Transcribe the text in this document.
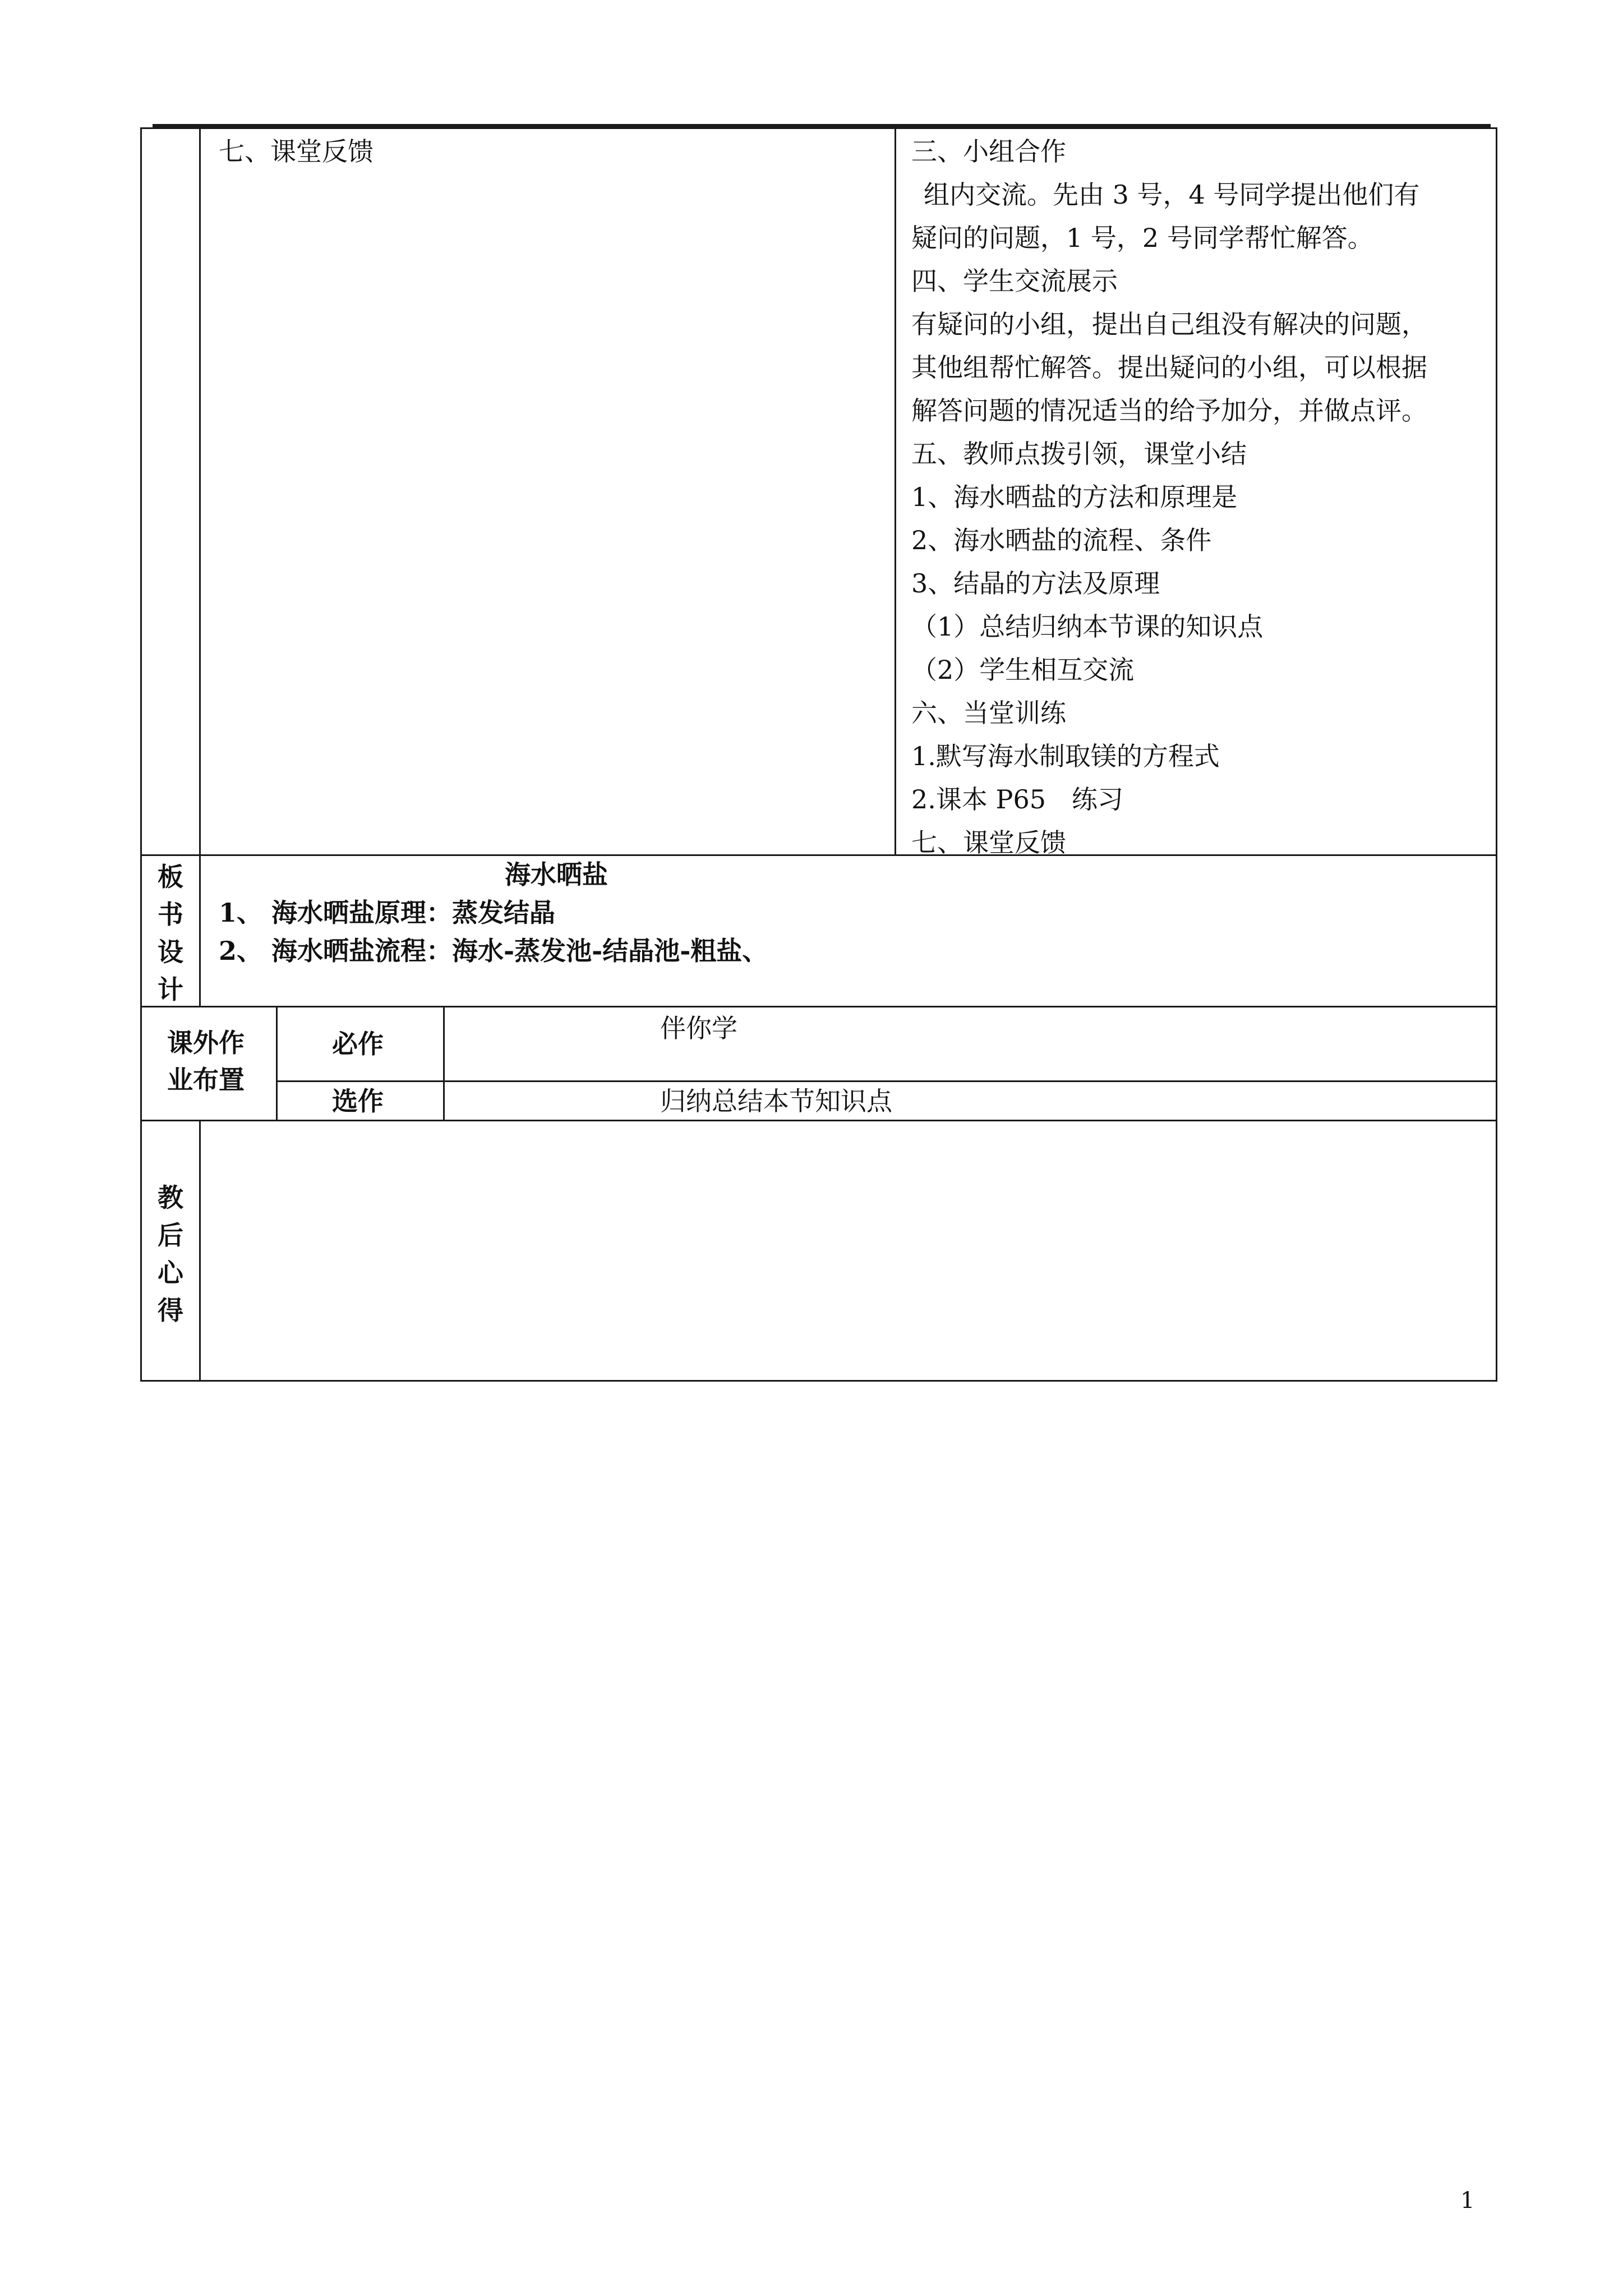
七、课堂反馈	三、小组合作
组内交流。先由 3 号，4 号同学提出他们有
疑问的问题，1 号，2 号同学帮忙解答。
四、学生交流展示
有疑问的小组，提出自己组没有解决的问题，
其他组帮忙解答。提出疑问的小组，可以根据
解答问题的情况适当的给予加分，并做点评。
五、教师点拨引领，课堂小结
1、海水晒盐的方法和原理是
2、海水晒盐的流程、条件
3、结晶的方法及原理
（1）总结归纳本节课的知识点
（2）学生相互交流
六、当堂训练
1.默写海水制取镁的方程式
2.课本 P65　练习
七、课堂反馈
板书设计
海水晒盐
1、 海水晒盐原理：蒸发结晶
2、 海水晒盐流程：海水-蒸发池-结晶池-粗盐、
课外作
业布置
必作
伴你学
选作	归纳总结本节知识点
教后心得
1
